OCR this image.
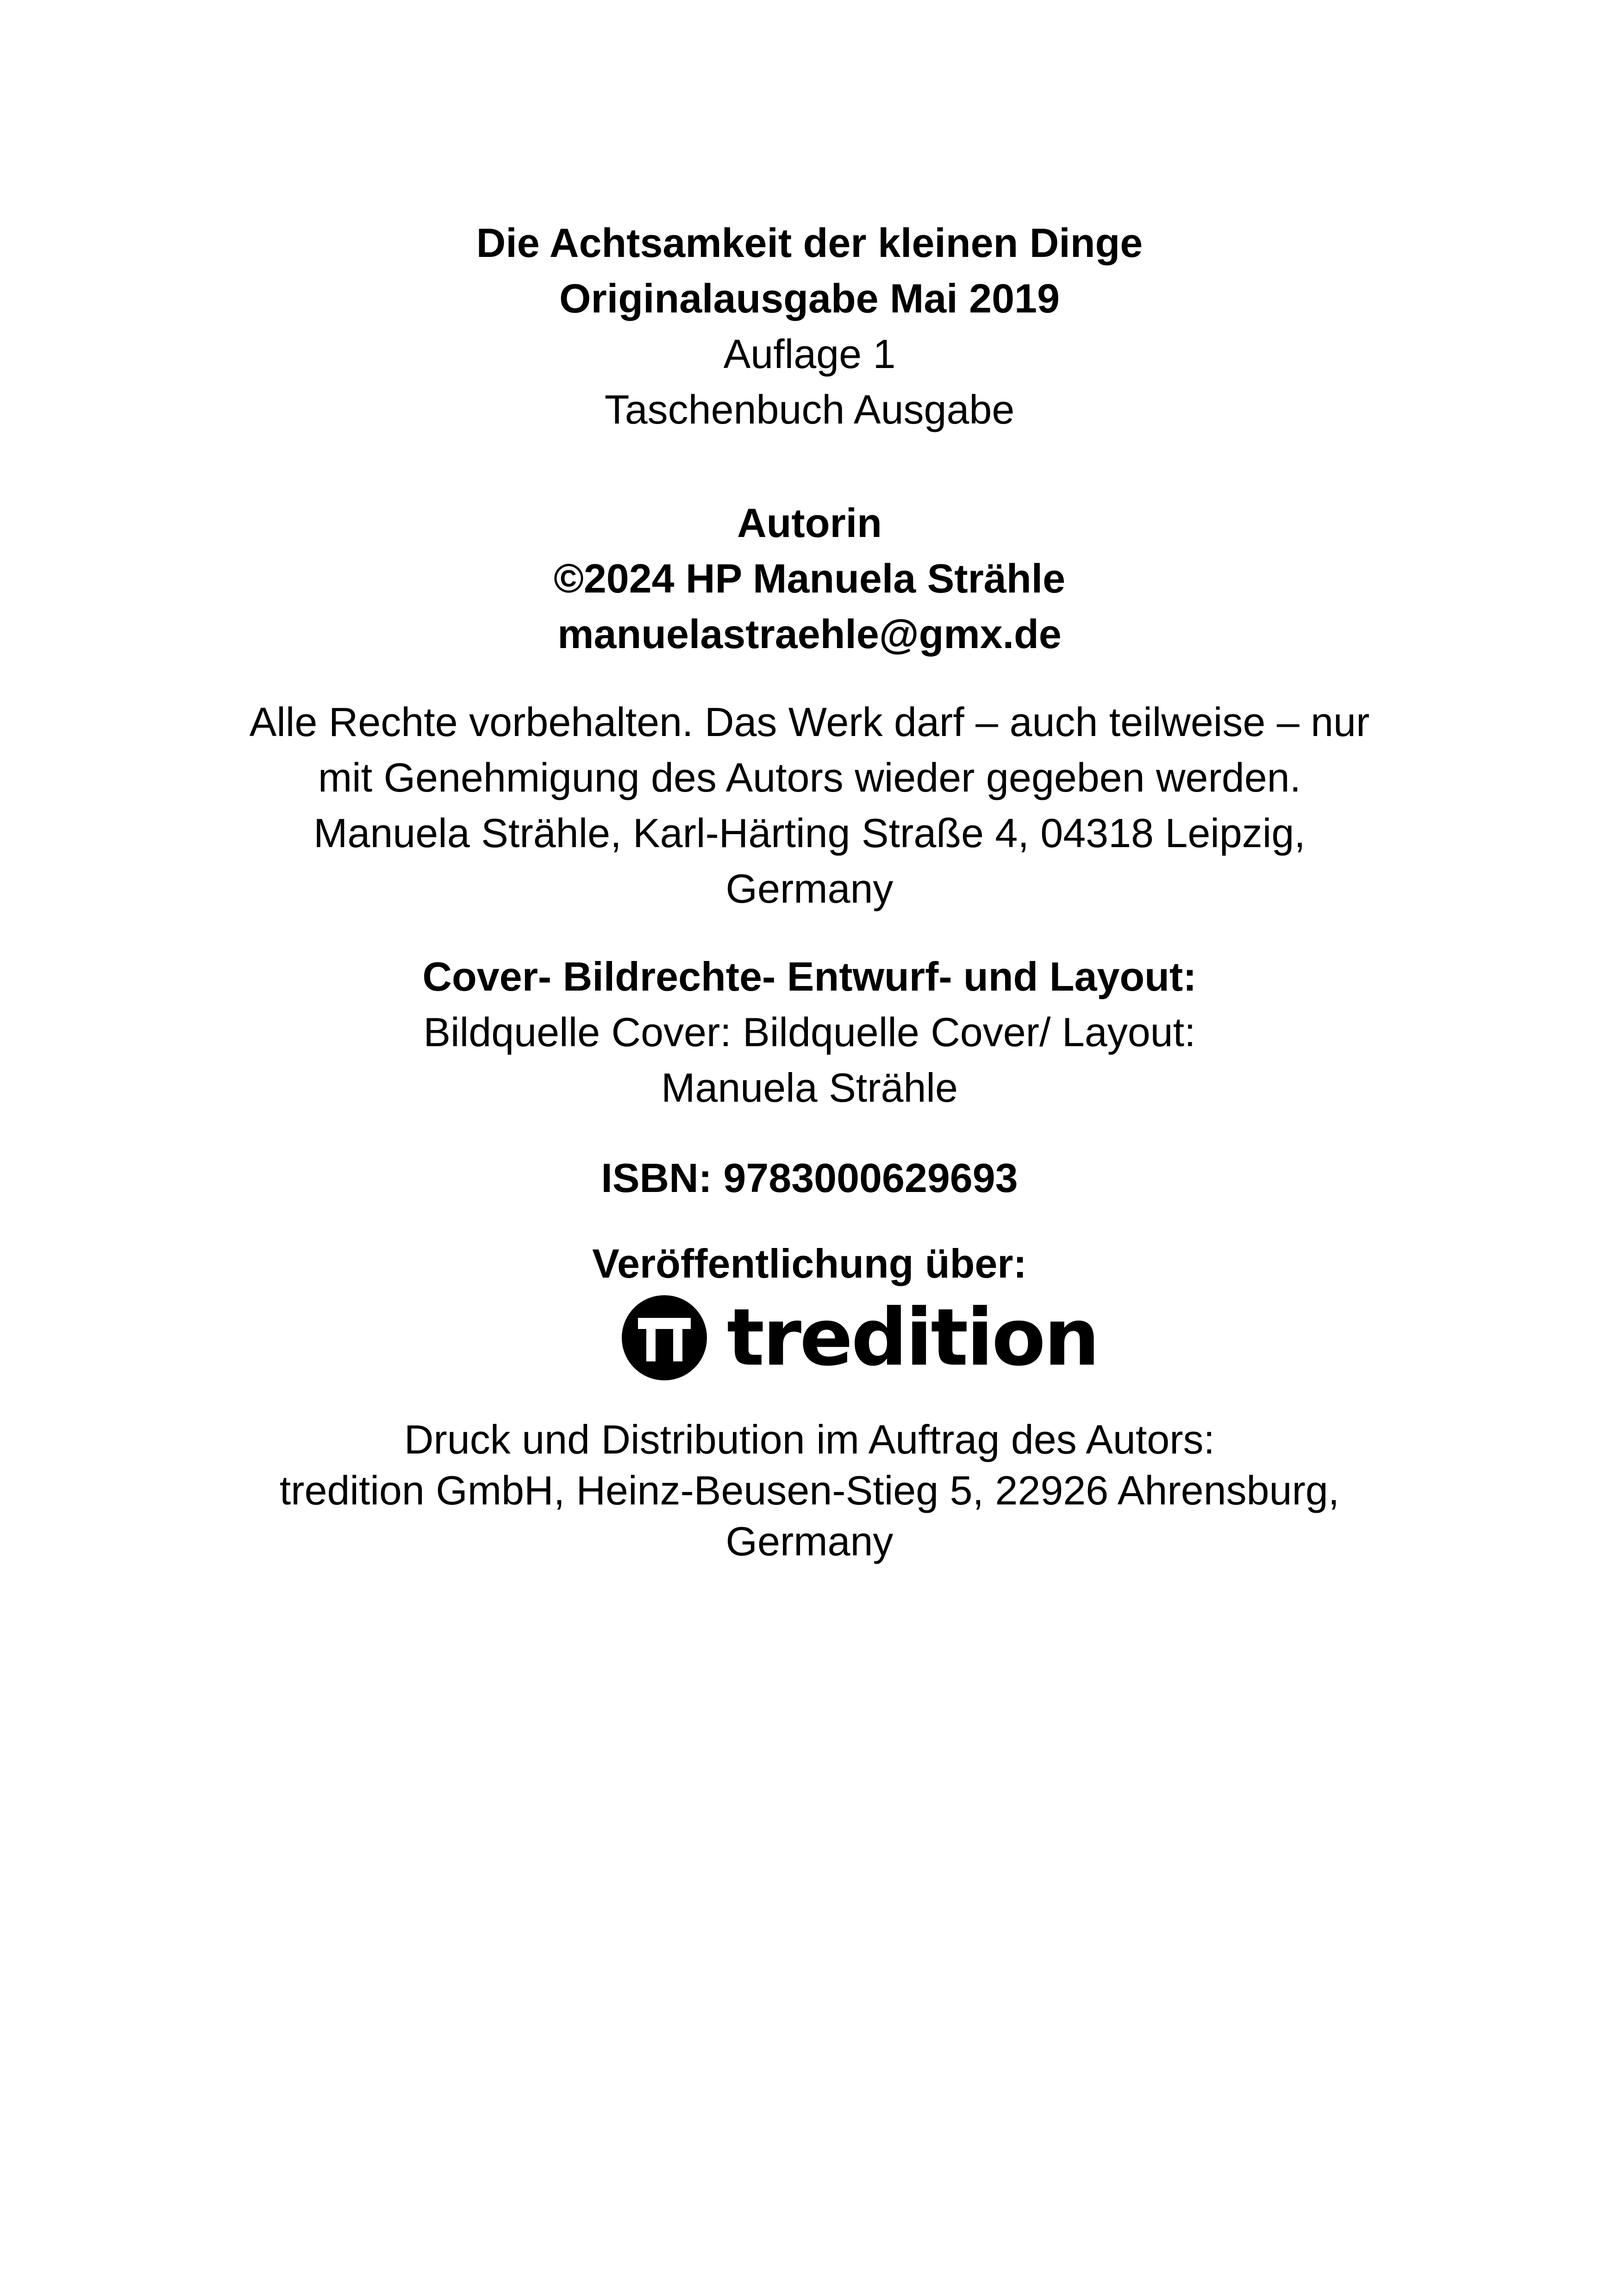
Die Achtsamkeit der kleinen Dinge
Originalausgabe Mai 2019
Auflage 1
Taschenbuch Ausgabe
Autorin
©2024 HP Manuela Strähle
manuelastraehle@gmx.de
Alle Rechte vorbehalten. Das Werk darf – auch teilweise – nur
mit Genehmigung des Autors wieder gegeben werden.
Manuela Strähle, Karl-Härting Straße 4, 04318 Leipzig,
Germany
Cover- Bildrechte- Entwurf- und Layout:
Bildquelle Cover: Bildquelle Cover/ Layout:
Manuela Strähle
ISBN: 9783000629693
Veröffentlichung über:
tredition
Druck und Distribution im Auftrag des Autors:
tredition GmbH, Heinz-Beusen-Stieg 5, 22926 Ahrensburg,
Germany
